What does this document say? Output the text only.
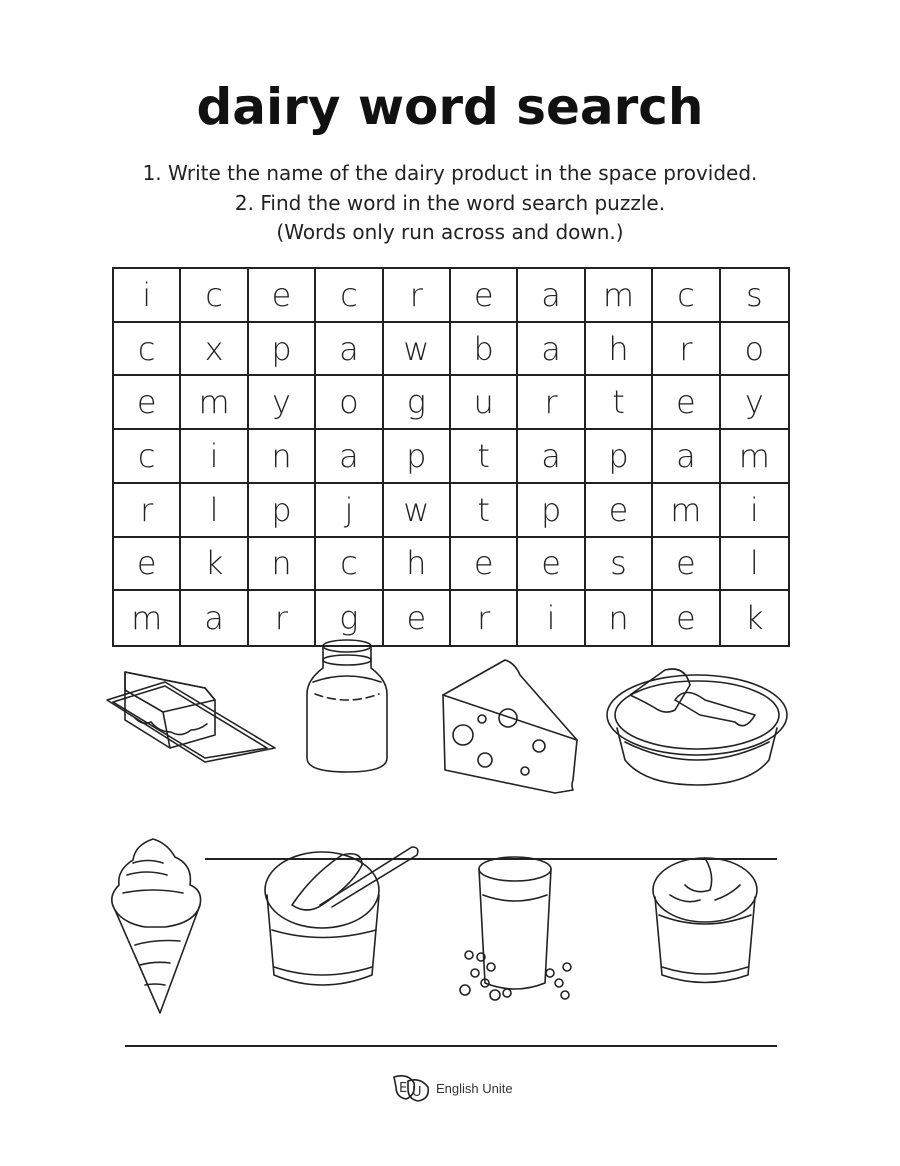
dairy word search
1. Write the name of the dairy product in the space provided.
2. Find the word in the word search puzzle.
(Words only run across and down.)
i	c	e	c	r	e	a	m	c	s
c	x	p	a	w	b	a	h	r	o
e	m	y	o	g	u	r	t	e	y
c	i	n	a	p	t	a	p	a	m
r	l	p	j	w	t	p	e	m	i
e	k	n	c	h	e	e	s	e	l
m	a	r	g	e	r	i	n	e	k
E U English Unite
